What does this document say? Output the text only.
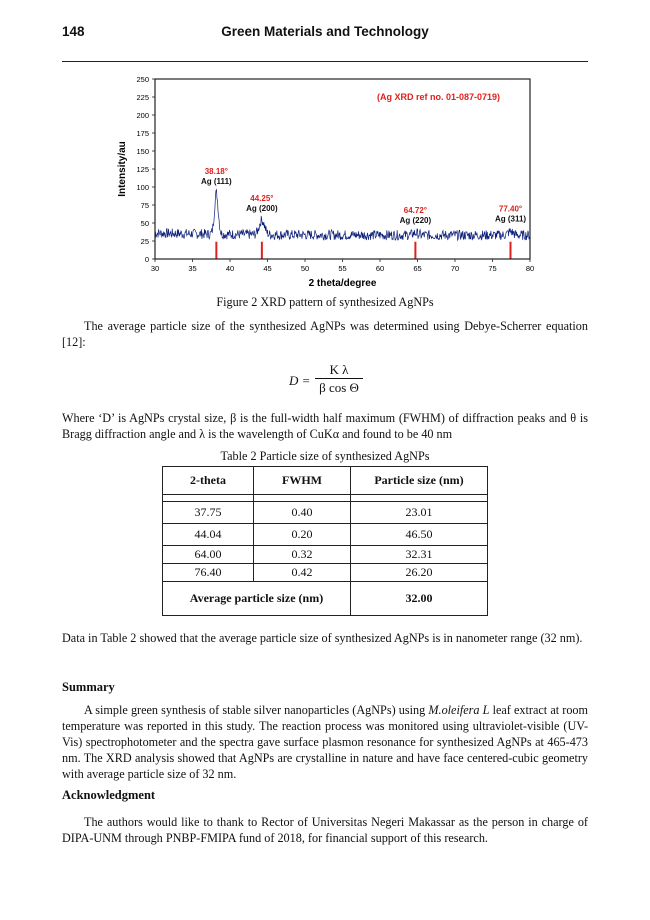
148	Green Materials and Technology
0
25
50
75
100
125
150
175
200
225
250
30	35	40	45	50	55	60	65	70	75	80
Intensity/au
2 theta/degree
38.18°
Ag (111)
44.25°
Ag (200)	64.72°
Ag (220)
77.40°
Ag (311)
(Ag XRD ref no. 01-087-0719)

Figure 2 XRD pattern of synthesized AgNPs

The average particle size of the synthesized AgNPs was determined using Debye-Scherrer equation [12]:

D =
K λ
β cos Θ

Where ‘D’ is AgNPs crystal size, β is the full-width half maximum (FWHM) of diffraction peaks and θ is Bragg diffraction angle and λ is the wavelength of CuKα and found to be 40 nm

Table 2 Particle size of synthesized AgNPs

2-theta	FWHM	Particle size (nm)

37.75	0.40	23.01
44.04	0.20	46.50
64.00	0.32	32.31
76.40	0.42	26.20
Average particle size (nm)		32.00

Data in Table 2 showed that the average particle size of synthesized AgNPs is in nanometer range (32 nm).

Summary

A simple green synthesis of stable silver nanoparticles (AgNPs) using M.oleifera L leaf extract at room temperature was reported in this study. The reaction process was monitored using ultraviolet-visible (UV-Vis) spectrophotometer and the spectra gave surface plasmon resonance for synthesized AgNPs at 465-473 nm. The XRD analysis showed that AgNPs are crystalline in nature and have face centered-cubic geometry with average particle size of 32 nm.

Acknowledgment

The authors would like to thank to Rector of Universitas Negeri Makassar as the person in charge of DIPA-UNM through PNBP-FMIPA fund of 2018, for financial support of this research.
